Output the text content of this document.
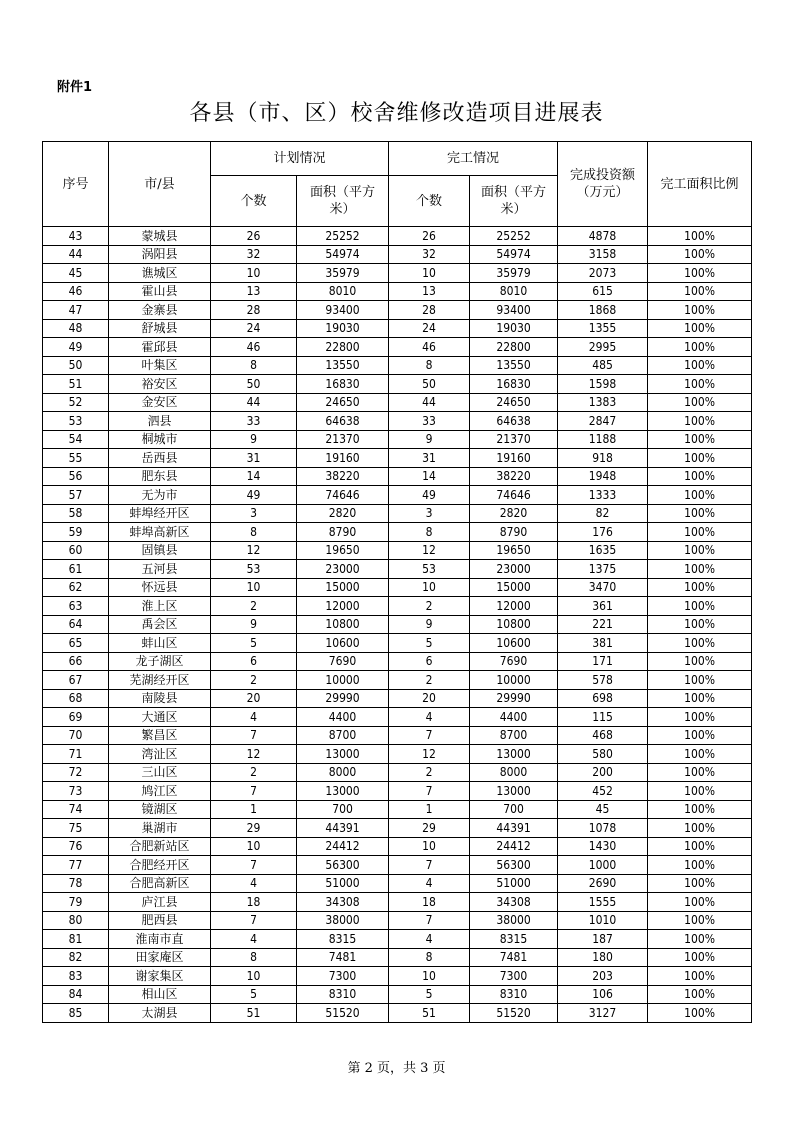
附件1
各县（市、区）校舍维修改造项目进展表
序号	市/县	计划情况		完工情况		完成投资额（万元）	完工面积比例
		个数	面积（平方米）	个数	面积（平方米）		

43	蒙城县	26	25252	26	25252	4878	100%
44	涡阳县	32	54974	32	54974	3158	100%
45	谯城区	10	35979	10	35979	2073	100%
46	霍山县	13	8010	13	8010	615	100%
47	金寨县	28	93400	28	93400	1868	100%
48	舒城县	24	19030	24	19030	1355	100%
49	霍邱县	46	22800	46	22800	2995	100%
50	叶集区	8	13550	8	13550	485	100%
51	裕安区	50	16830	50	16830	1598	100%
52	金安区	44	24650	44	24650	1383	100%
53	泗县	33	64638	33	64638	2847	100%
54	桐城市	9	21370	9	21370	1188	100%
55	岳西县	31	19160	31	19160	918	100%
56	肥东县	14	38220	14	38220	1948	100%
57	无为市	49	74646	49	74646	1333	100%
58	蚌埠经开区	3	2820	3	2820	82	100%
59	蚌埠高新区	8	8790	8	8790	176	100%
60	固镇县	12	19650	12	19650	1635	100%
61	五河县	53	23000	53	23000	1375	100%
62	怀远县	10	15000	10	15000	3470	100%
63	淮上区	2	12000	2	12000	361	100%
64	禹会区	9	10800	9	10800	221	100%
65	蚌山区	5	10600	5	10600	381	100%
66	龙子湖区	6	7690	6	7690	171	100%
67	芜湖经开区	2	10000	2	10000	578	100%
68	南陵县	20	29990	20	29990	698	100%
69	大通区	4	4400	4	4400	115	100%
70	繁昌区	7	8700	7	8700	468	100%
71	湾沚区	12	13000	12	13000	580	100%
72	三山区	2	8000	2	8000	200	100%
73	鸠江区	7	13000	7	13000	452	100%
74	镜湖区	1	700	1	700	45	100%
75	巢湖市	29	44391	29	44391	1078	100%
76	合肥新站区	10	24412	10	24412	1430	100%
77	合肥经开区	7	56300	7	56300	1000	100%
78	合肥高新区	4	51000	4	51000	2690	100%
79	庐江县	18	34308	18	34308	1555	100%
80	肥西县	7	38000	7	38000	1010	100%
81	淮南市直	4	8315	4	8315	187	100%
82	田家庵区	8	7481	8	7481	180	100%
83	谢家集区	10	7300	10	7300	203	100%
84	相山区	5	8310	5	8310	106	100%
85	太湖县	51	51520	51	51520	3127	100%
第 2 页，共 3 页
